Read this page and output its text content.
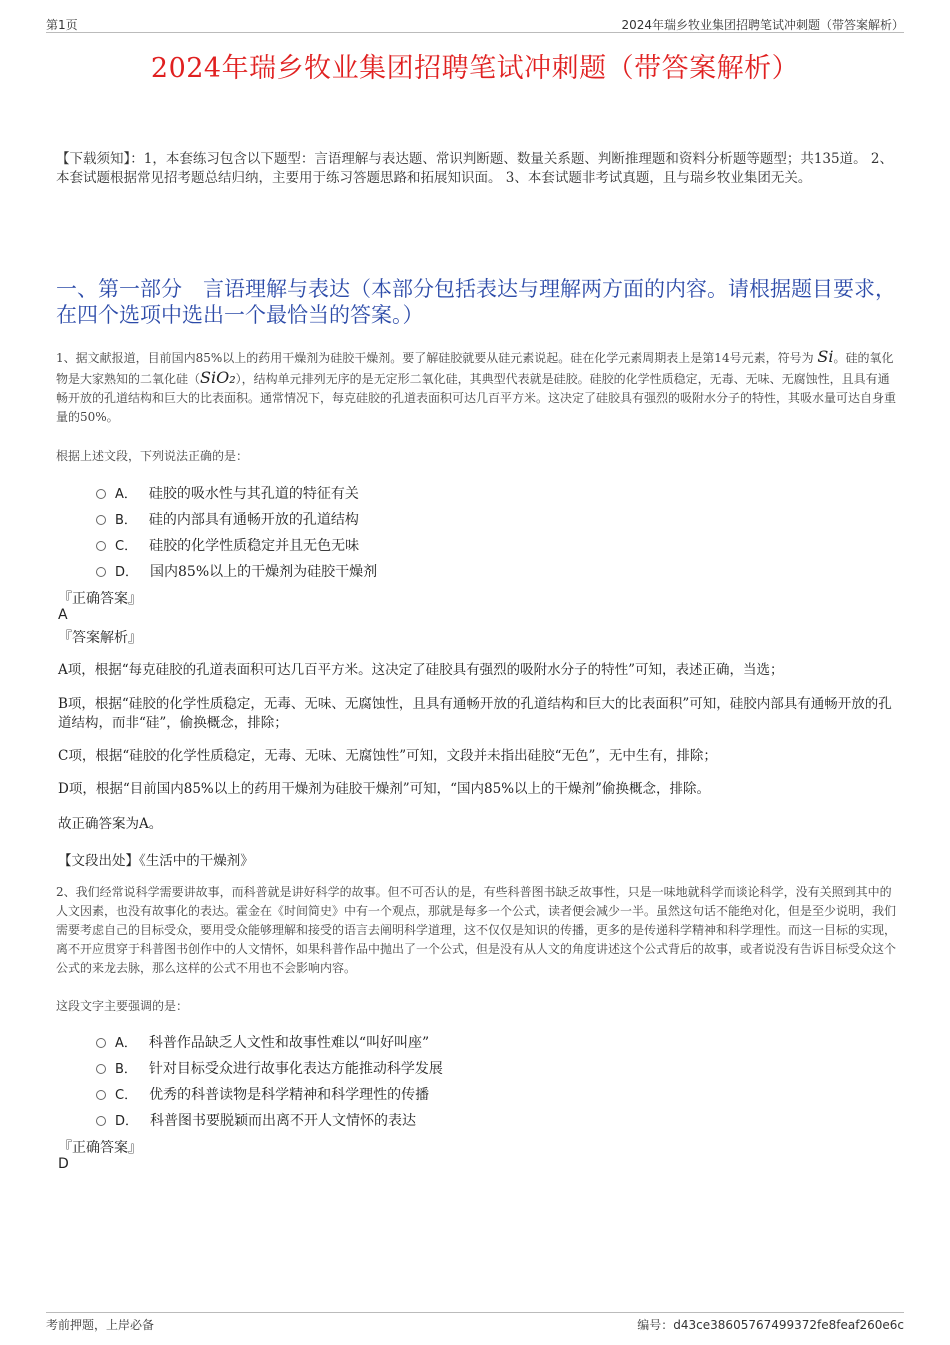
第1页	2024年瑞乡牧业集团招聘笔试冲刺题（带答案解析）
2024年瑞乡牧业集团招聘笔试冲刺题（带答案解析）
【下载须知】：1，本套练习包含以下题型：言语理解与表达题、常识判断题、数量关系题、判断推理题和资料分析题等题型；共135道。 2、本套试题根据常见招考题总结归纳，主要用于练习答题思路和拓展知识面。 3、本套试题非考试真题，且与瑞乡牧业集团无关。
一、第一部分　言语理解与表达（本部分包括表达与理解两方面的内容。请根据题目要求，在四个选项中选出一个最恰当的答案。）
1、据文献报道，目前国内85%以上的药用干燥剂为硅胶干燥剂。要了解硅胶就要从硅元素说起。硅在化学元素周期表上是第14号元素，符号为 Si。硅的氧化物是大家熟知的二氧化硅（SiO₂），结构单元排列无序的是无定形二氧化硅，其典型代表就是硅胶。硅胶的化学性质稳定，无毒、无味、无腐蚀性，且具有通畅开放的孔道结构和巨大的比表面积。通常情况下，每克硅胶的孔道表面积可达几百平方米。这决定了硅胶具有强烈的吸附水分子的特性，其吸水量可达自身重量的50%。
根据上述文段，下列说法正确的是：
A． 硅胶的吸水性与其孔道的特征有关
B． 硅的内部具有通畅开放的孔道结构
C． 硅胶的化学性质稳定并且无色无味
D． 国内85%以上的干燥剂为硅胶干燥剂
『正确答案』
A
『答案解析』
A项，根据“每克硅胶的孔道表面积可达几百平方米。这决定了硅胶具有强烈的吸附水分子的特性”可知，表述正确，当选；
B项，根据“硅胶的化学性质稳定，无毒、无味、无腐蚀性，且具有通畅开放的孔道结构和巨大的比表面积”可知，硅胶内部具有通畅开放的孔道结构，而非“硅”，偷换概念，排除；
C项，根据“硅胶的化学性质稳定，无毒、无味、无腐蚀性”可知，文段并未指出硅胶“无色”，无中生有，排除；
D项，根据“目前国内85%以上的药用干燥剂为硅胶干燥剂”可知，“国内85%以上的干燥剂”偷换概念，排除。
故正确答案为A。
【文段出处】《生活中的干燥剂》
2、我们经常说科学需要讲故事，而科普就是讲好科学的故事。但不可否认的是，有些科普图书缺乏故事性，只是一味地就科学而谈论科学，没有关照到其中的人文因素，也没有故事化的表达。霍金在《时间简史》中有一个观点，那就是每多一个公式，读者便会减少一半。虽然这句话不能绝对化，但是至少说明，我们需要考虑自己的目标受众，要用受众能够理解和接受的语言去阐明科学道理，这不仅仅是知识的传播，更多的是传递科学精神和科学理性。而这一目标的实现，离不开应贯穿于科普图书创作中的人文情怀，如果科普作品中抛出了一个公式，但是没有从人文的角度讲述这个公式背后的故事，或者说没有告诉目标受众这个公式的来龙去脉，那么这样的公式不用也不会影响内容。
这段文字主要强调的是：
A． 科普作品缺乏人文性和故事性难以“叫好叫座”
B． 针对目标受众进行故事化表达方能推动科学发展
C． 优秀的科普读物是科学精神和科学理性的传播
D． 科普图书要脱颖而出离不开人文情怀的表达
『正确答案』
D
考前押题，上岸必备	编号：d43ce38605767499372fe8feaf260e6c
